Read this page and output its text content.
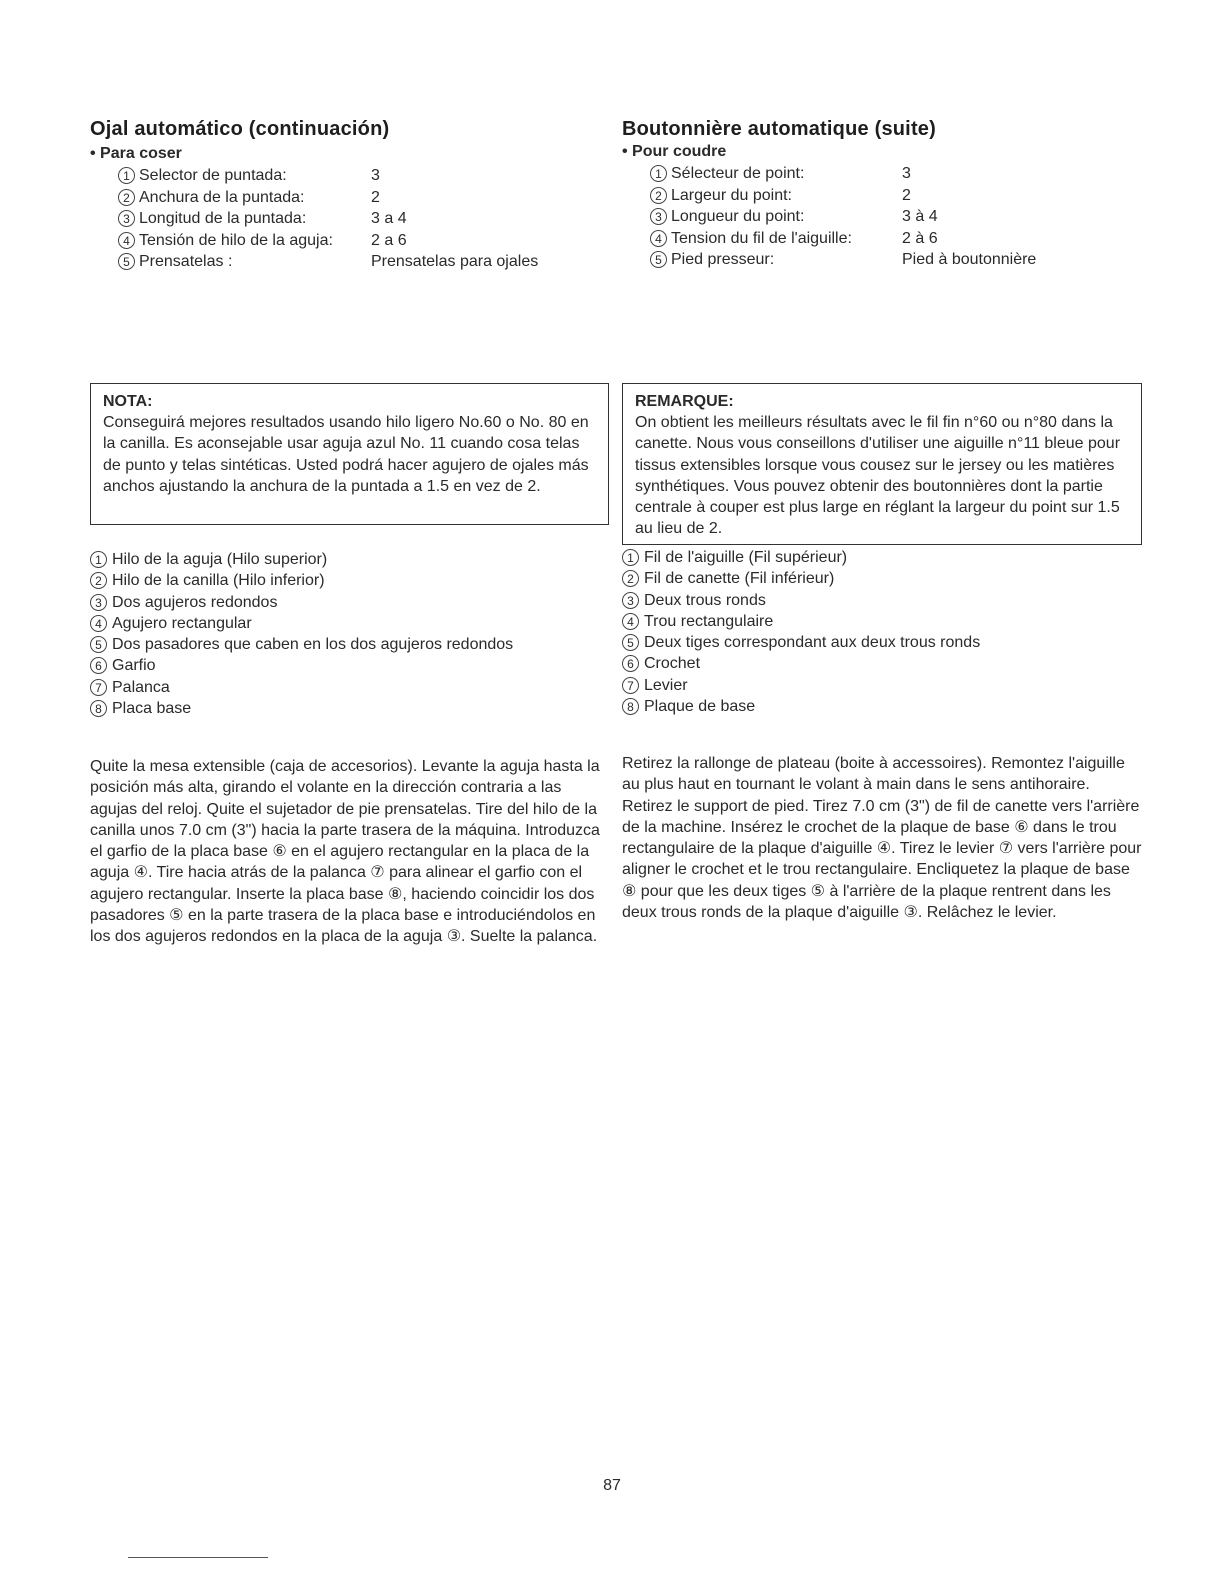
Ojal automático (continuación)
• Para coser
1 Selector de puntada:	3
2 Anchura de la puntada:	2
3 Longitud de la puntada:	3 a 4
4 Tensión de hilo de la aguja: 2 a 6
5 Prensatelas :	Prensatelas para ojales
NOTA:
Conseguirá mejores resultados usando hilo ligero No.60 o No. 80 en la canilla. Es aconsejable usar aguja azul No. 11 cuando cosa telas de punto y telas sintéticas. Usted podrá hacer agujero de ojales más anchos ajustando la anchura de la puntada a 1.5 en vez de 2.
1 Hilo de la aguja (Hilo superior)
2 Hilo de la canilla (Hilo inferior)
3 Dos agujeros redondos
4 Agujero rectangular
5 Dos pasadores que caben en los dos agujeros redondos
6 Garfio
7 Palanca
8 Placa base

Quite la mesa extensible (caja de accesorios). Levante la aguja hasta la posición más alta, girando el volante en la dirección contraria a las agujas del reloj. Quite el sujetador de pie prensatelas. Tire del hilo de la canilla unos 7.0 cm (3") hacia la parte trasera de la máquina. Introduzca el garfio de la placa base ⑥ en el agujero rectangular en la placa de la aguja ④. Tire hacia atrás de la palanca ⑦ para alinear el garfio con el agujero rectangular. Inserte la placa base ⑧, haciendo coincidir los dos pasadores ⑤ en la parte trasera de la placa base e introduciéndolos en los dos agujeros redondos en la placa de la aguja ③. Suelte la palanca.

Boutonnière automatique (suite)
• Pour coudre
1 Sélecteur de point:	3
2 Largeur du point:	2
3 Longueur du point:	3 à 4
4 Tension du fil de l'aiguille:	2 à 6
5 Pied presseur:	Pied à boutonnière
REMARQUE:
On obtient les meilleurs résultats avec le fil fin n°60 ou n°80 dans la canette. Nous vous conseillons d'utiliser une aiguille n°11 bleue pour tissus extensibles lorsque vous cousez sur le jersey ou les matières synthétiques. Vous pouvez obtenir des boutonnières dont la partie centrale à couper est plus large en réglant la largeur du point sur 1.5 au lieu de 2.
1 Fil de l'aiguille (Fil supérieur)
2 Fil de canette (Fil inférieur)
3 Deux trous ronds
4 Trou rectangulaire
5 Deux tiges correspondant aux deux trous ronds
6 Crochet
7 Levier
8 Plaque de base

Retirez la rallonge de plateau (boite à accessoires). Remontez l'aiguille au plus haut en tournant le volant à main dans le sens antihoraire. Retirez le support de pied. Tirez 7.0 cm (3") de fil de canette vers l'arrière de la machine. Insérez le crochet de la plaque de base ⑥ dans le trou rectangulaire de la plaque d'aiguille ④. Tirez le levier ⑦ vers l'arrière pour aligner le crochet et le trou rectangulaire. Encliquetez la plaque de base ⑧ pour que les deux tiges ⑤ à l'arrière de la plaque rentrent dans les deux trous ronds de la plaque d'aiguille ③. Relâchez le levier.

87
